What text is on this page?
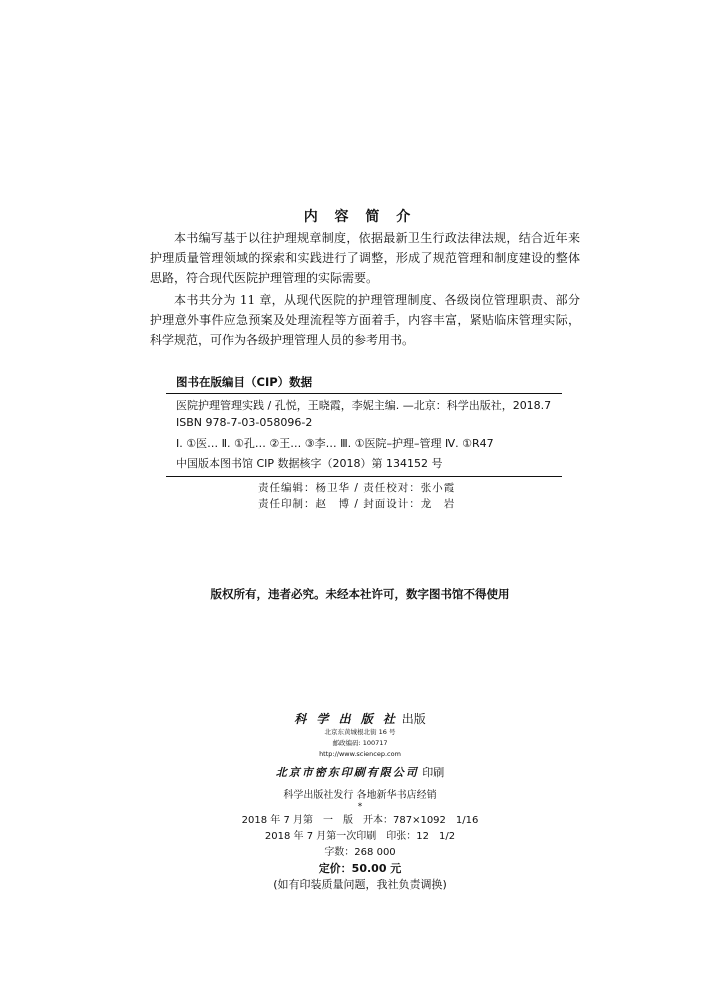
内 容 简 介

本书编写基于以往护理规章制度，依据最新卫生行政法律法规，结合近年来护理质量管理领域的探索和实践进行了调整，形成了规范管理和制度建设的整体思路，符合现代医院护理管理的实际需要。

本书共分为 11 章，从现代医院的护理管理制度、各级岗位管理职责、部分护理意外事件应急预案及处理流程等方面着手，内容丰富，紧贴临床管理实际，科学规范，可作为各级护理管理人员的参考用书。

图书在版编目（CIP）数据
医院护理管理实践 / 孔悦，王晓霞，李妮主编. —北京：科学出版社，2018.7
ISBN 978-7-03-058096-2
Ⅰ. ①医… Ⅱ. ①孔… ②王… ③李… Ⅲ. ①医院–护理–管理 Ⅳ. ①R47
中国版本图书馆 CIP 数据核字（2018）第 134152 号
责任编辑：杨卫华 / 责任校对：张小霞
责任印制：赵　博 / 封面设计：龙　岩
版权所有，违者必究。未经本社许可，数字图书馆不得使用
科 学 出 版 社 出版
北京东黄城根北街 16 号
邮政编码: 100717
http://www.sciencep.com
北京市密东印刷有限公司 印刷
科学出版社发行 各地新华书店经销
*
2018 年 7 月第　一　版　开本：787×1092　1/16
2018 年 7 月第一次印刷　印张：12　1/2
字数：268 000
定价：50.00 元
(如有印装质量问题，我社负责调换)
